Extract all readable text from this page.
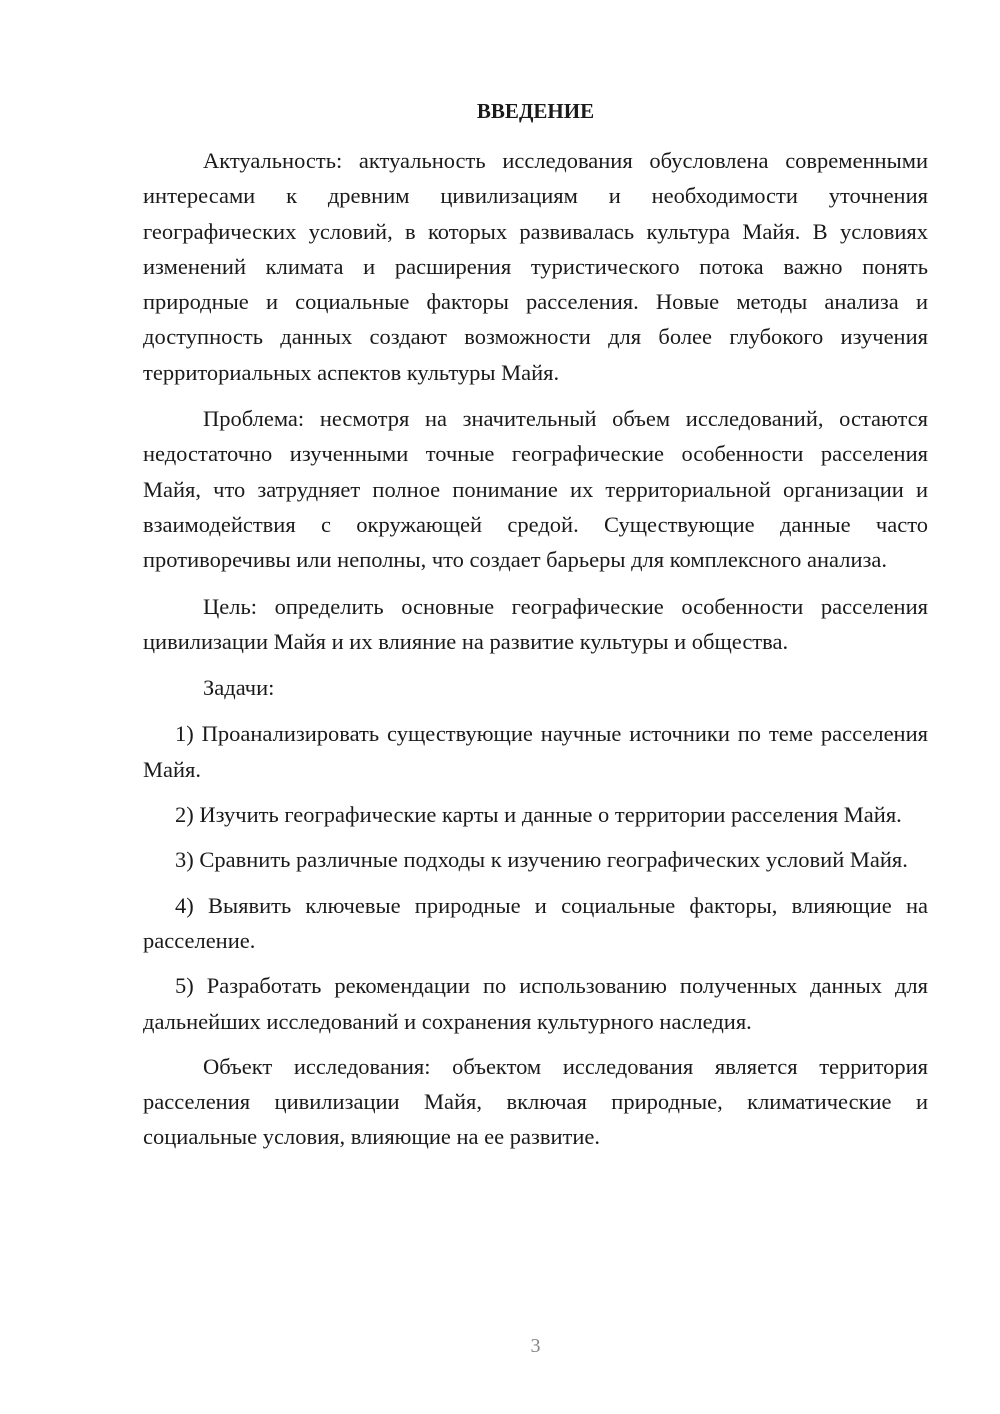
ВВЕДЕНИЕ

Актуальность: актуальность исследования обусловлена современными интересами к древним цивилизациям и необходимости уточнения географических условий, в которых развивалась культура Майя. В условиях изменений климата и расширения туристического потока важно понять природные и социальные факторы расселения. Новые методы анализа и доступность данных создают возможности для более глубокого изучения территориальных аспектов культуры Майя.

Проблема: несмотря на значительный объем исследований, остаются недостаточно изученными точные географические особенности расселения Майя, что затрудняет полное понимание их территориальной организации и взаимодействия с окружающей средой. Существующие данные часто противоречивы или неполны, что создает барьеры для комплексного анализа.

Цель: определить основные географические особенности расселения цивилизации Майя и их влияние на развитие культуры и общества.

Задачи:

1) Проанализировать существующие научные источники по теме расселения Майя.

2) Изучить географические карты и данные о территории расселения Майя.

3) Сравнить различные подходы к изучению географических условий Майя.

4) Выявить ключевые природные и социальные факторы, влияющие на расселение.

5) Разработать рекомендации по использованию полученных данных для дальнейших исследований и сохранения культурного наследия.

Объект исследования: объектом исследования является территория расселения цивилизации Майя, включая природные, климатические и социальные условия, влияющие на ее развитие.

3
